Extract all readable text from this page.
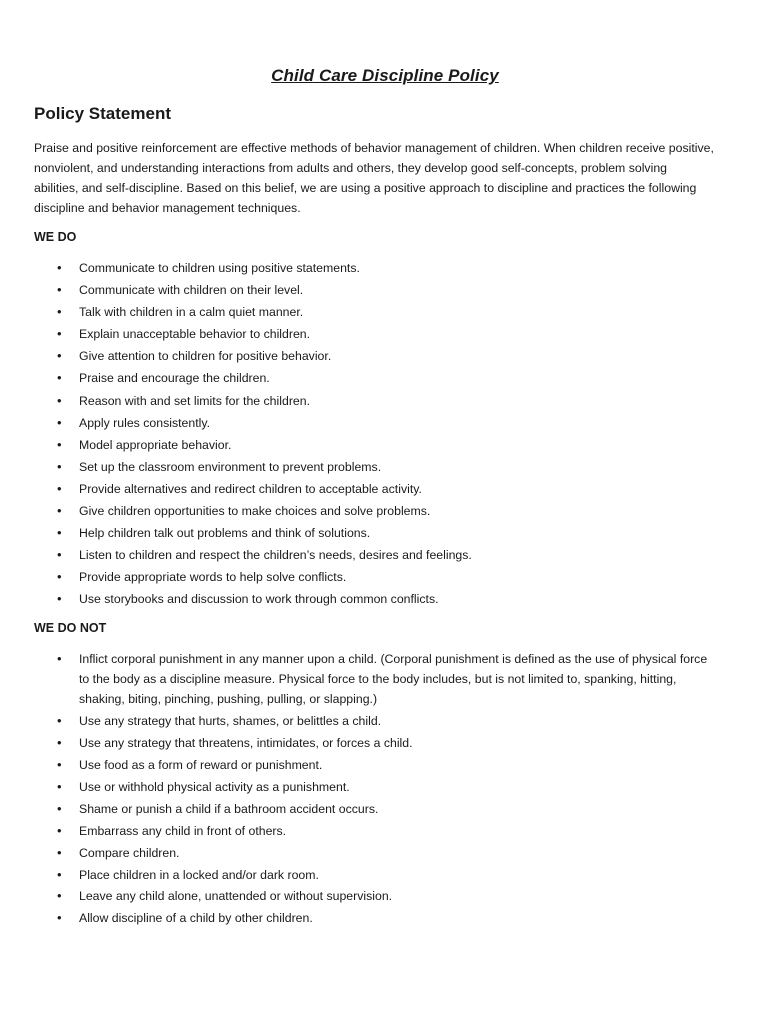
Child Care Discipline Policy
Policy Statement

Praise and positive reinforcement are effective methods of behavior management of children. When children receive positive, nonviolent, and understanding interactions from adults and others, they develop good self-concepts, problem solving abilities, and self-discipline. Based on this belief, we are using a positive approach to discipline and practices the following discipline and behavior management techniques.

WE DO
• Communicate to children using positive statements.
• Communicate with children on their level.
• Talk with children in a calm quiet manner.
• Explain unacceptable behavior to children.
• Give attention to children for positive behavior.
• Praise and encourage the children.
• Reason with and set limits for the children.
• Apply rules consistently.
• Model appropriate behavior.
• Set up the classroom environment to prevent problems.
• Provide alternatives and redirect children to acceptable activity.
• Give children opportunities to make choices and solve problems.
• Help children talk out problems and think of solutions.
• Listen to children and respect the children’s needs, desires and feelings.
• Provide appropriate words to help solve conflicts.
• Use storybooks and discussion to work through common conflicts.
WE DO NOT
• Inflict corporal punishment in any manner upon a child. (Corporal punishment is defined as the use of physical force to the body as a discipline measure. Physical force to the body includes, but is not limited to, spanking, hitting, shaking, biting, pinching, pushing, pulling, or slapping.)
• Use any strategy that hurts, shames, or belittles a child.
• Use any strategy that threatens, intimidates, or forces a child.
• Use food as a form of reward or punishment.
• Use or withhold physical activity as a punishment.
• Shame or punish a child if a bathroom accident occurs.
• Embarrass any child in front of others.
• Compare children.
• Place children in a locked and/or dark room.
• Leave any child alone, unattended or without supervision.
• Allow discipline of a child by other children.
